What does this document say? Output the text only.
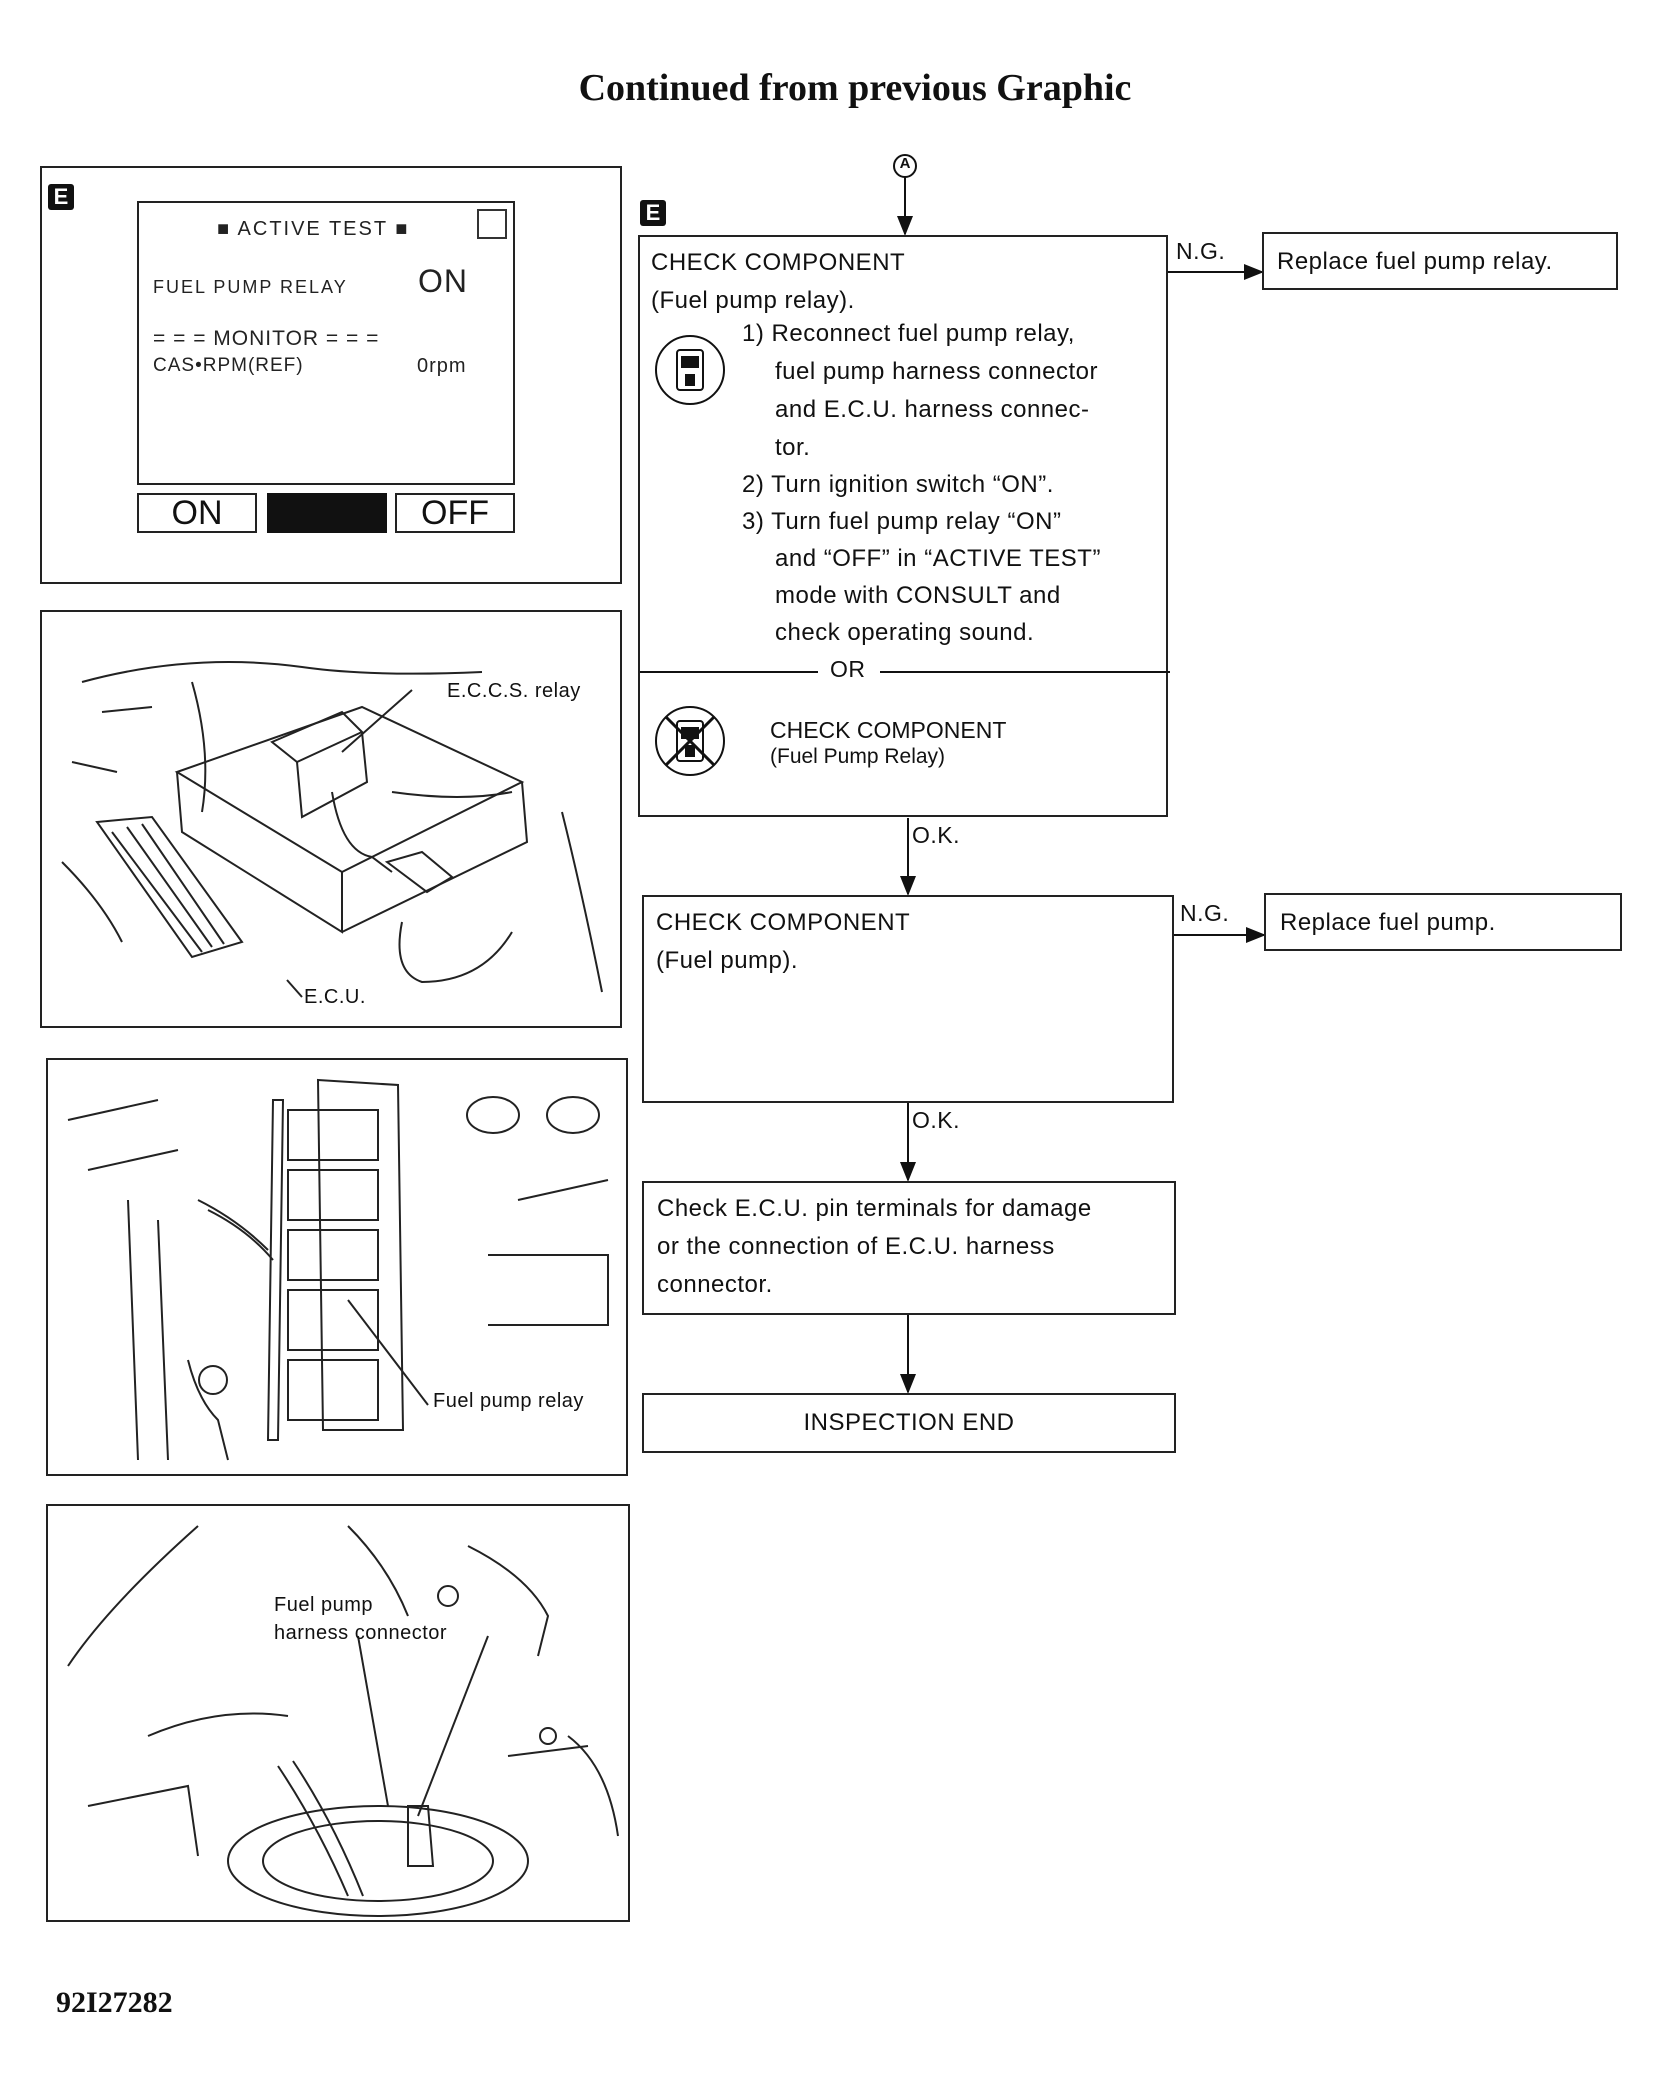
Continued from previous Graphic
E
■ ACTIVE TEST ■
FUEL PUMP RELAY ON
= = = MONITOR = = =
CAS•RPM(REF)	0rpm
ON	OFF
E.C.C.S. relay
E.C.U.
Fuel pump relay
Fuel pump
harness connector
A
E
CHECK COMPONENT
(Fuel pump relay).
1) Reconnect fuel pump relay,
fuel pump harness connector
and E.C.U. harness connec-
tor.
2) Turn ignition switch “ON”.
3) Turn fuel pump relay “ON”
and “OFF” in “ACTIVE TEST”
mode with CONSULT and
check operating sound.
OR
CHECK COMPONENT
(Fuel Pump Relay)
N.G. Replace fuel pump relay.
O.K.
CHECK COMPONENT
(Fuel pump).
N.G. Replace fuel pump.
O.K.
Check E.C.U. pin terminals for damage
or the connection of E.C.U. harness
connector.
INSPECTION END
92I27282
